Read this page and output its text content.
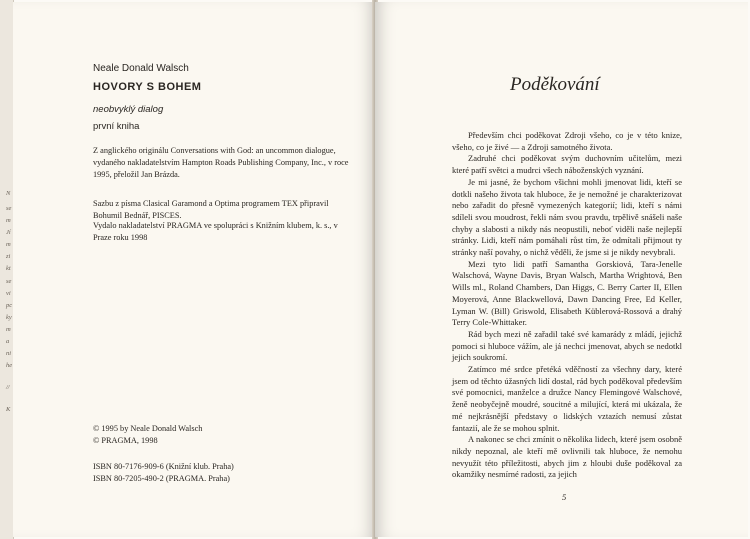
N
se
m
Jí
m
zi
kt
se
vi
pc
ky
m
a
ni
he
//
K
Neale Donald Walsch
HOVORY S BOHEM
neobvyklý dialog
první kniha

Z anglického originálu Conversations with God: an uncommon dialogue, vydaného nakladatelstvím Hampton Roads Publishing Company, Inc., v roce 1995, přeložil Jan Brázda.

Sazbu z písma Clasical Garamond a Optima programem TEX připravil Bohumil Bednář, PISCES.

Vydalo nakladatelství PRAGMA ve spolupráci s Knižním klubem, k. s., v Praze roku 1998

© 1995 by Neale Donald Walsch
© PRAGMA, 1998
ISBN 80-7176-909-6 (Knižní klub. Praha)
ISBN 80-7205-490-2 (PRAGMA. Praha)
Poděkování

Především chci poděkovat Zdroji všeho, co je v této knize, všeho, co je živé — a Zdroji samotného života.

Zadruhé chci poděkovat svým duchovním učitelům, mezi které patří světci a mudrci všech náboženských vyznání.

Je mi jasné, že bychom všichni mohli jmenovat lidi, kteří se dotkli našeho života tak hluboce, že je nemožné je charakterizovat nebo zařadit do přesně vymezených kategorií; lidi, kteří s námi sdíleli svou moudrost, řekli nám svou pravdu, trpělivě snášeli naše chyby a slabosti a nikdy nás neopustili, neboť viděli naše nejlepší stránky. Lidi, kteří nám pomáhali růst tím, že odmítali přijmout ty stránky naší povahy, o nichž věděli, že jsme si je nikdy nevybrali.

Mezi tyto lidi patří Samantha Gorskiová, Tara-Jenelle Walschová, Wayne Davis, Bryan Walsch, Martha Wrightová, Ben Wills ml., Roland Chambers, Dan Higgs, C. Berry Carter II, Ellen Moyerová, Anne Blackwellová, Dawn Dancing Free, Ed Keller, Lyman W. (Bill) Griswold, Elisabeth Küblerová-Rossová a drahý Terry Cole-Whittaker.

Rád bych mezi ně zařadil také své kamarády z mládí, jejichž pomoci si hluboce vážím, ale já nechci jmenovat, abych se nedotkl jejich soukromí.

Zatímco mé srdce přetéká vděčností za všechny dary, které jsem od těchto úžasných lidí dostal, rád bych poděkoval především své pomocnici, manželce a družce Nancy Flemingové Walschové, ženě neobyčejně moudré, soucitné a milující, která mi ukázala, že mé nejkrásnější představy o lidských vztazích nemusí zůstat fantazií, ale že se mohou splnit.

A nakonec se chci zmínit o několika lidech, které jsem osobně nikdy nepoznal, ale kteří mě ovlivnili tak hluboce, že nemohu nevyužít této příležitosti, abych jim z hloubi duše poděkoval za okamžiky nesmírné radosti, za jejich

5
